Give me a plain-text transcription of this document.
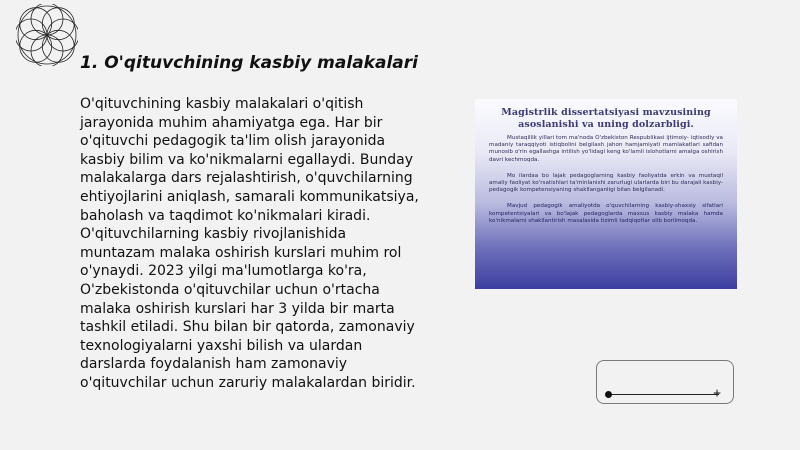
1. O'qituvchining kasbiy malakalari
O'qituvchining kasbiy malakalari o'qitish jarayonida muhim ahamiyatga ega. Har bir o'qituvchi pedagogik ta'lim olish jarayonida kasbiy bilim va ko'nikmalarni egallaydi. Bunday malakalarga dars rejalashtirish, o'quvchilarning ehtiyojlarini aniqlash, samarali kommunikatsiya, baholash va taqdimot ko'nikmalari kiradi. O'qituvchilarning kasbiy rivojlanishida muntazam malaka oshirish kurslari muhim rol o'ynaydi. 2023 yilgi ma'lumotlarga ko'ra, O'zbekistonda o'qituvchilar uchun o'rtacha malaka oshirish kurslari har 3 yilda bir marta tashkil etiladi. Shu bilan bir qatorda, zamonaviy texnologiyalarni yaxshi bilish va ulardan darslarda foydalanish ham zamonaviy o'qituvchilar uchun zaruriy malakalardan biridir.
Magistrlik dissertatsiyasi mavzusining asoslanishi va uning dolzarbligi.
Mustaqillik yillari tom ma'noda O'zbekiston Respublikasi ijtimoiy- iqtisodiy va madaniy taraqqiyoti istiqbolini belgilash jahon hamjamiyati mamlakatlari safidan munosib o'rin egallashga intilish yo'lidagi keng ko'lamli islohotlarni amalga oshirish davri kechmoqda.
Mo ilardaa bo lajak pedagoglarning kasbiy faoliyatda erkin va mustaqil amaliy faoliyat ko'rsatishlari ta'minlanishi zarurlugi ularlarda biri bu darajali kasbiy-pedagogik kompetensiyaning shakllanganligi bilan belgilanadi.
Mavjud pedagogik amaliyotda o'quvchilarning kasbiy-shaxsiy sifatlari kompetentsiyalari va bo'lajak pedagoglarda maxsus kasbiy malaka hamda ko'nikmalarni shakllantirish masalasida tizimli tadqiqotlar olib borilmoqda.
+
